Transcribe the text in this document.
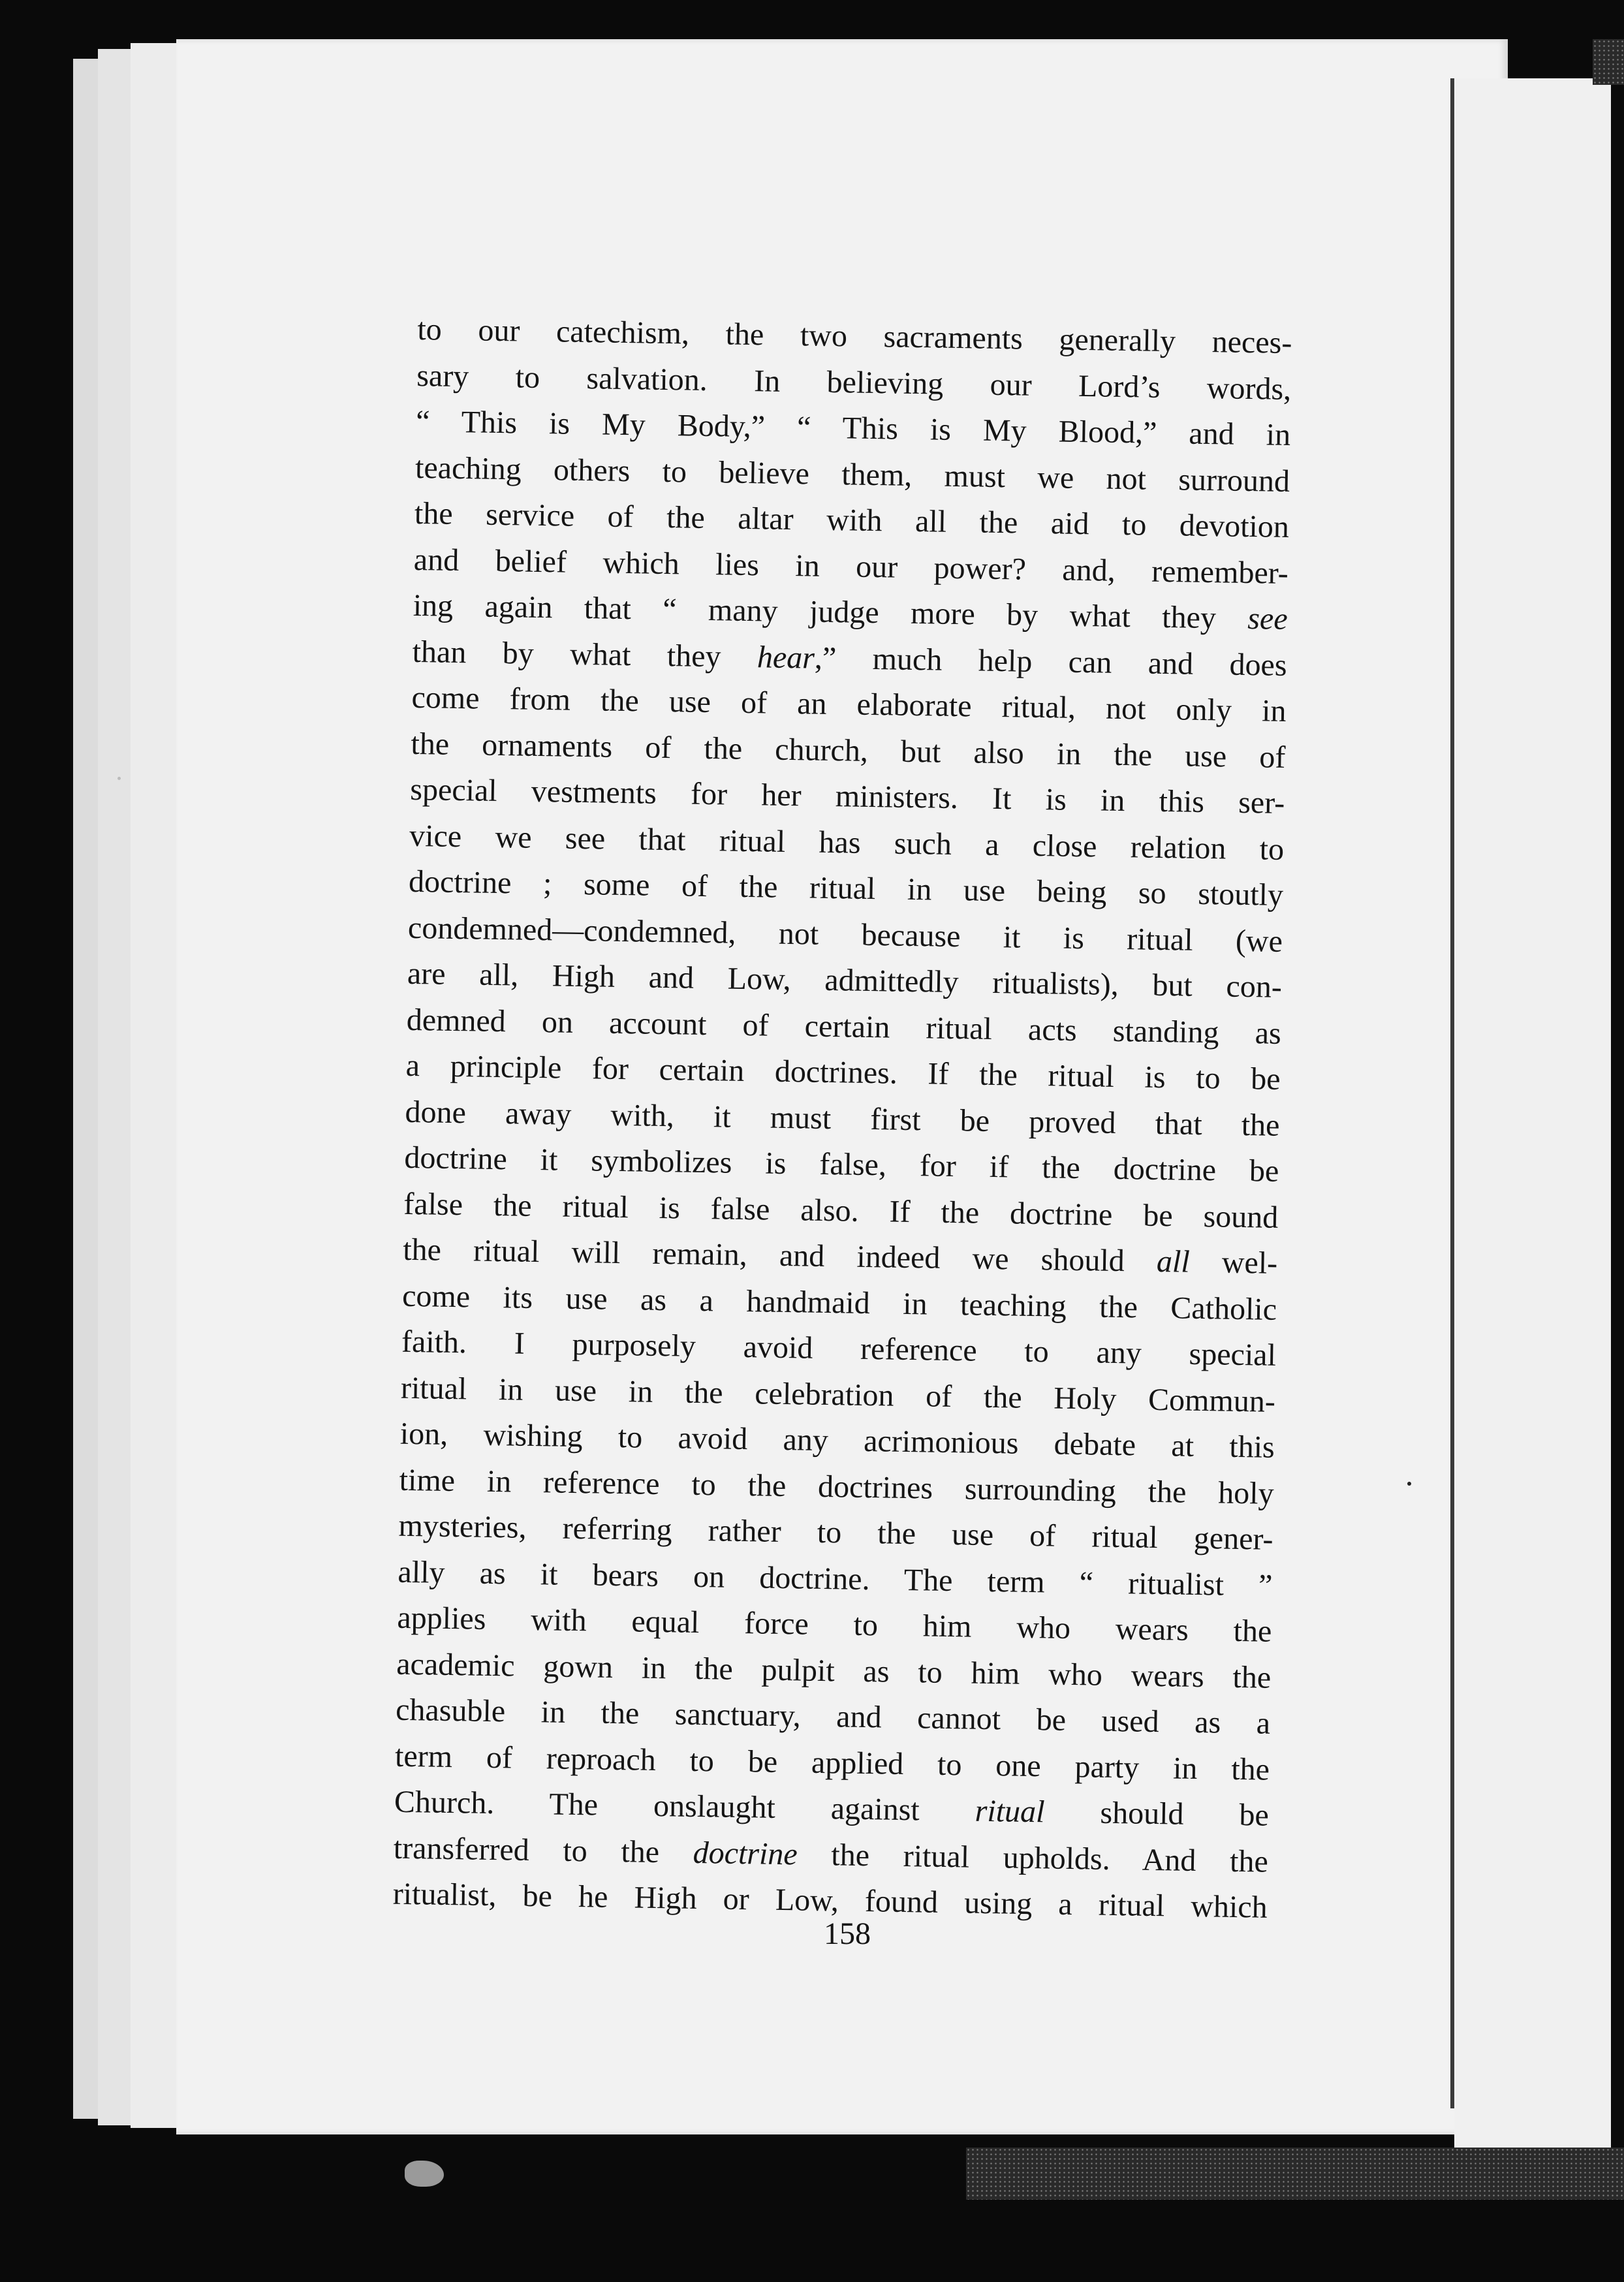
to our catechism, the two sacraments generally neces-
sary to salvation. In believing our Lord’s words,
“ This is My Body,” “ This is My Blood,” and in
teaching others to believe them, must we not surround
the service of the altar with all the aid to devotion
and belief which lies in our power? and, remember-
ing again that “ many judge more by what they see
than by what they hear,” much help can and does
come from the use of an elaborate ritual, not only in
the ornaments of the church, but also in the use of
special vestments for her ministers. It is in this ser-
vice we see that ritual has such a close relation to
doctrine ; some of the ritual in use being so stoutly
condemned—condemned, not because it is ritual (we
are all, High and Low, admittedly ritualists), but con-
demned on account of certain ritual acts standing as
a principle for certain doctrines. If the ritual is to be
done away with, it must first be proved that the
doctrine it symbolizes is false, for if the doctrine be
false the ritual is false also. If the doctrine be sound
the ritual will remain, and indeed we should all wel-
come its use as a handmaid in teaching the Catholic
faith. I purposely avoid reference to any special
ritual in use in the celebration of the Holy Commun-
ion, wishing to avoid any acrimonious debate at this
time in reference to the doctrines surrounding the holy
mysteries, referring rather to the use of ritual gener-
ally as it bears on doctrine. The term “ ritualist ”
applies with equal force to him who wears the
academic gown in the pulpit as to him who wears the
chasuble in the sanctuary, and cannot be used as a
term of reproach to be applied to one party in the
Church. The onslaught against ritual should be
transferred to the doctrine the ritual upholds. And the
ritualist, be he High or Low, found using a ritual which
158
